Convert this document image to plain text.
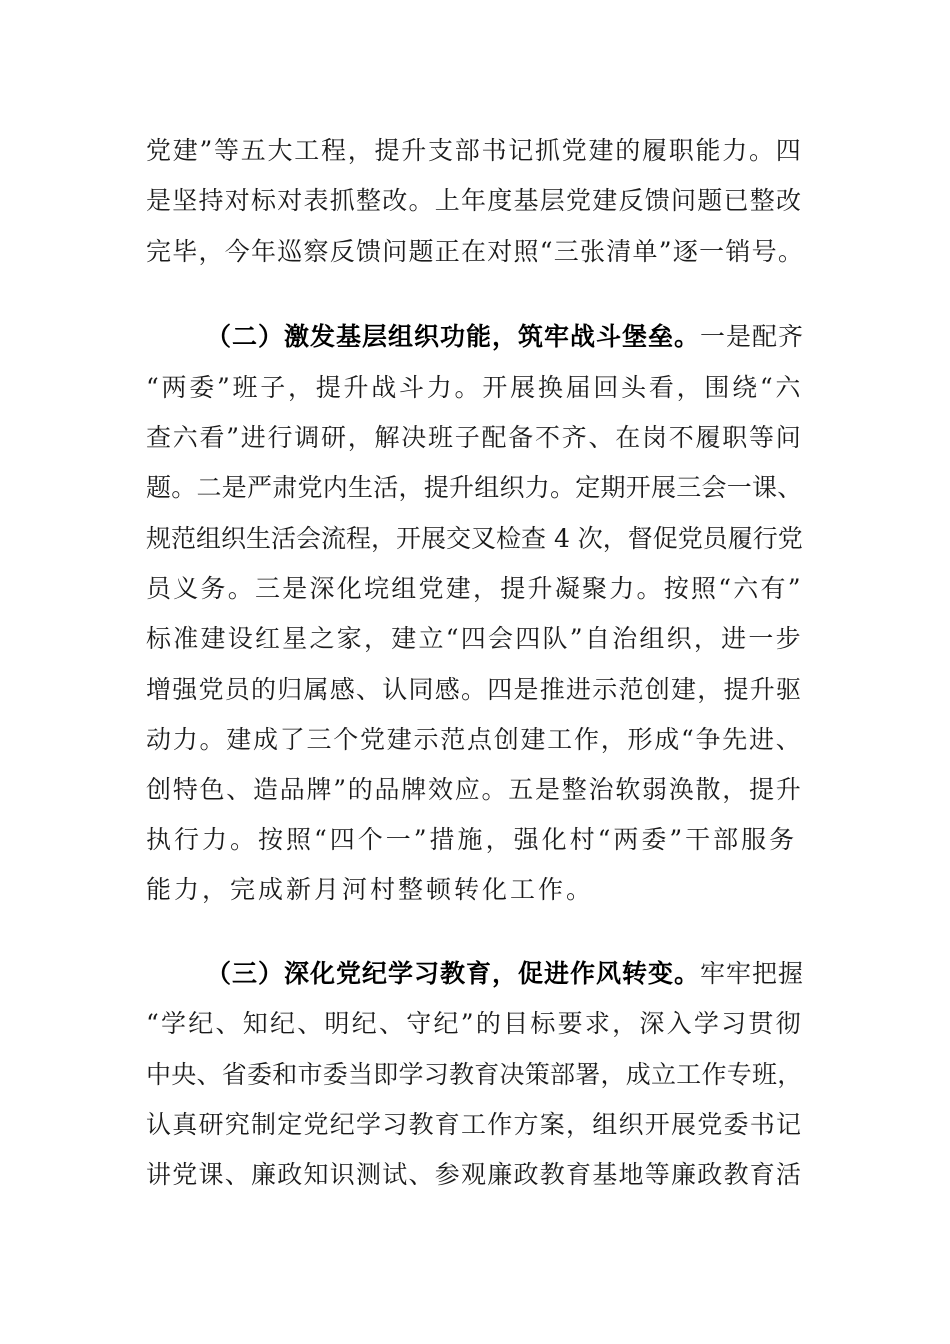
党建”等五大工程，提升支部书记抓党建的履职能力。四
是坚持对标对表抓整改。上年度基层党建反馈问题已整改
完毕，今年巡察反馈问题正在对照“三张清单”逐一销号。
（二）激发基层组织功能，筑牢战斗堡垒。一是配齐
“两委”班子，提升战斗力。开展换届回头看，围绕“六
查六看”进行调研，解决班子配备不齐、在岗不履职等问
题。二是严肃党内生活，提升组织力。定期开展三会一课、
规范组织生活会流程，开展交叉检查 4 次，督促党员履行党
员义务。三是深化垸组党建，提升凝聚力。按照“六有”
标准建设红星之家，建立“四会四队”自治组织，进一步
增强党员的归属感、认同感。四是推进示范创建，提升驱
动力。建成了三个党建示范点创建工作，形成“争先进、
创特色、造品牌”的品牌效应。五是整治软弱涣散，提升
执行力。按照“四个一”措施，强化村“两委”干部服务
能力，完成新月河村整顿转化工作。
（三）深化党纪学习教育，促进作风转变。牢牢把握
“学纪、知纪、明纪、守纪”的目标要求，深入学习贯彻
中央、省委和市委当即学习教育决策部署，成立工作专班，
认真研究制定党纪学习教育工作方案，组织开展党委书记
讲党课、廉政知识测试、参观廉政教育基地等廉政教育活
